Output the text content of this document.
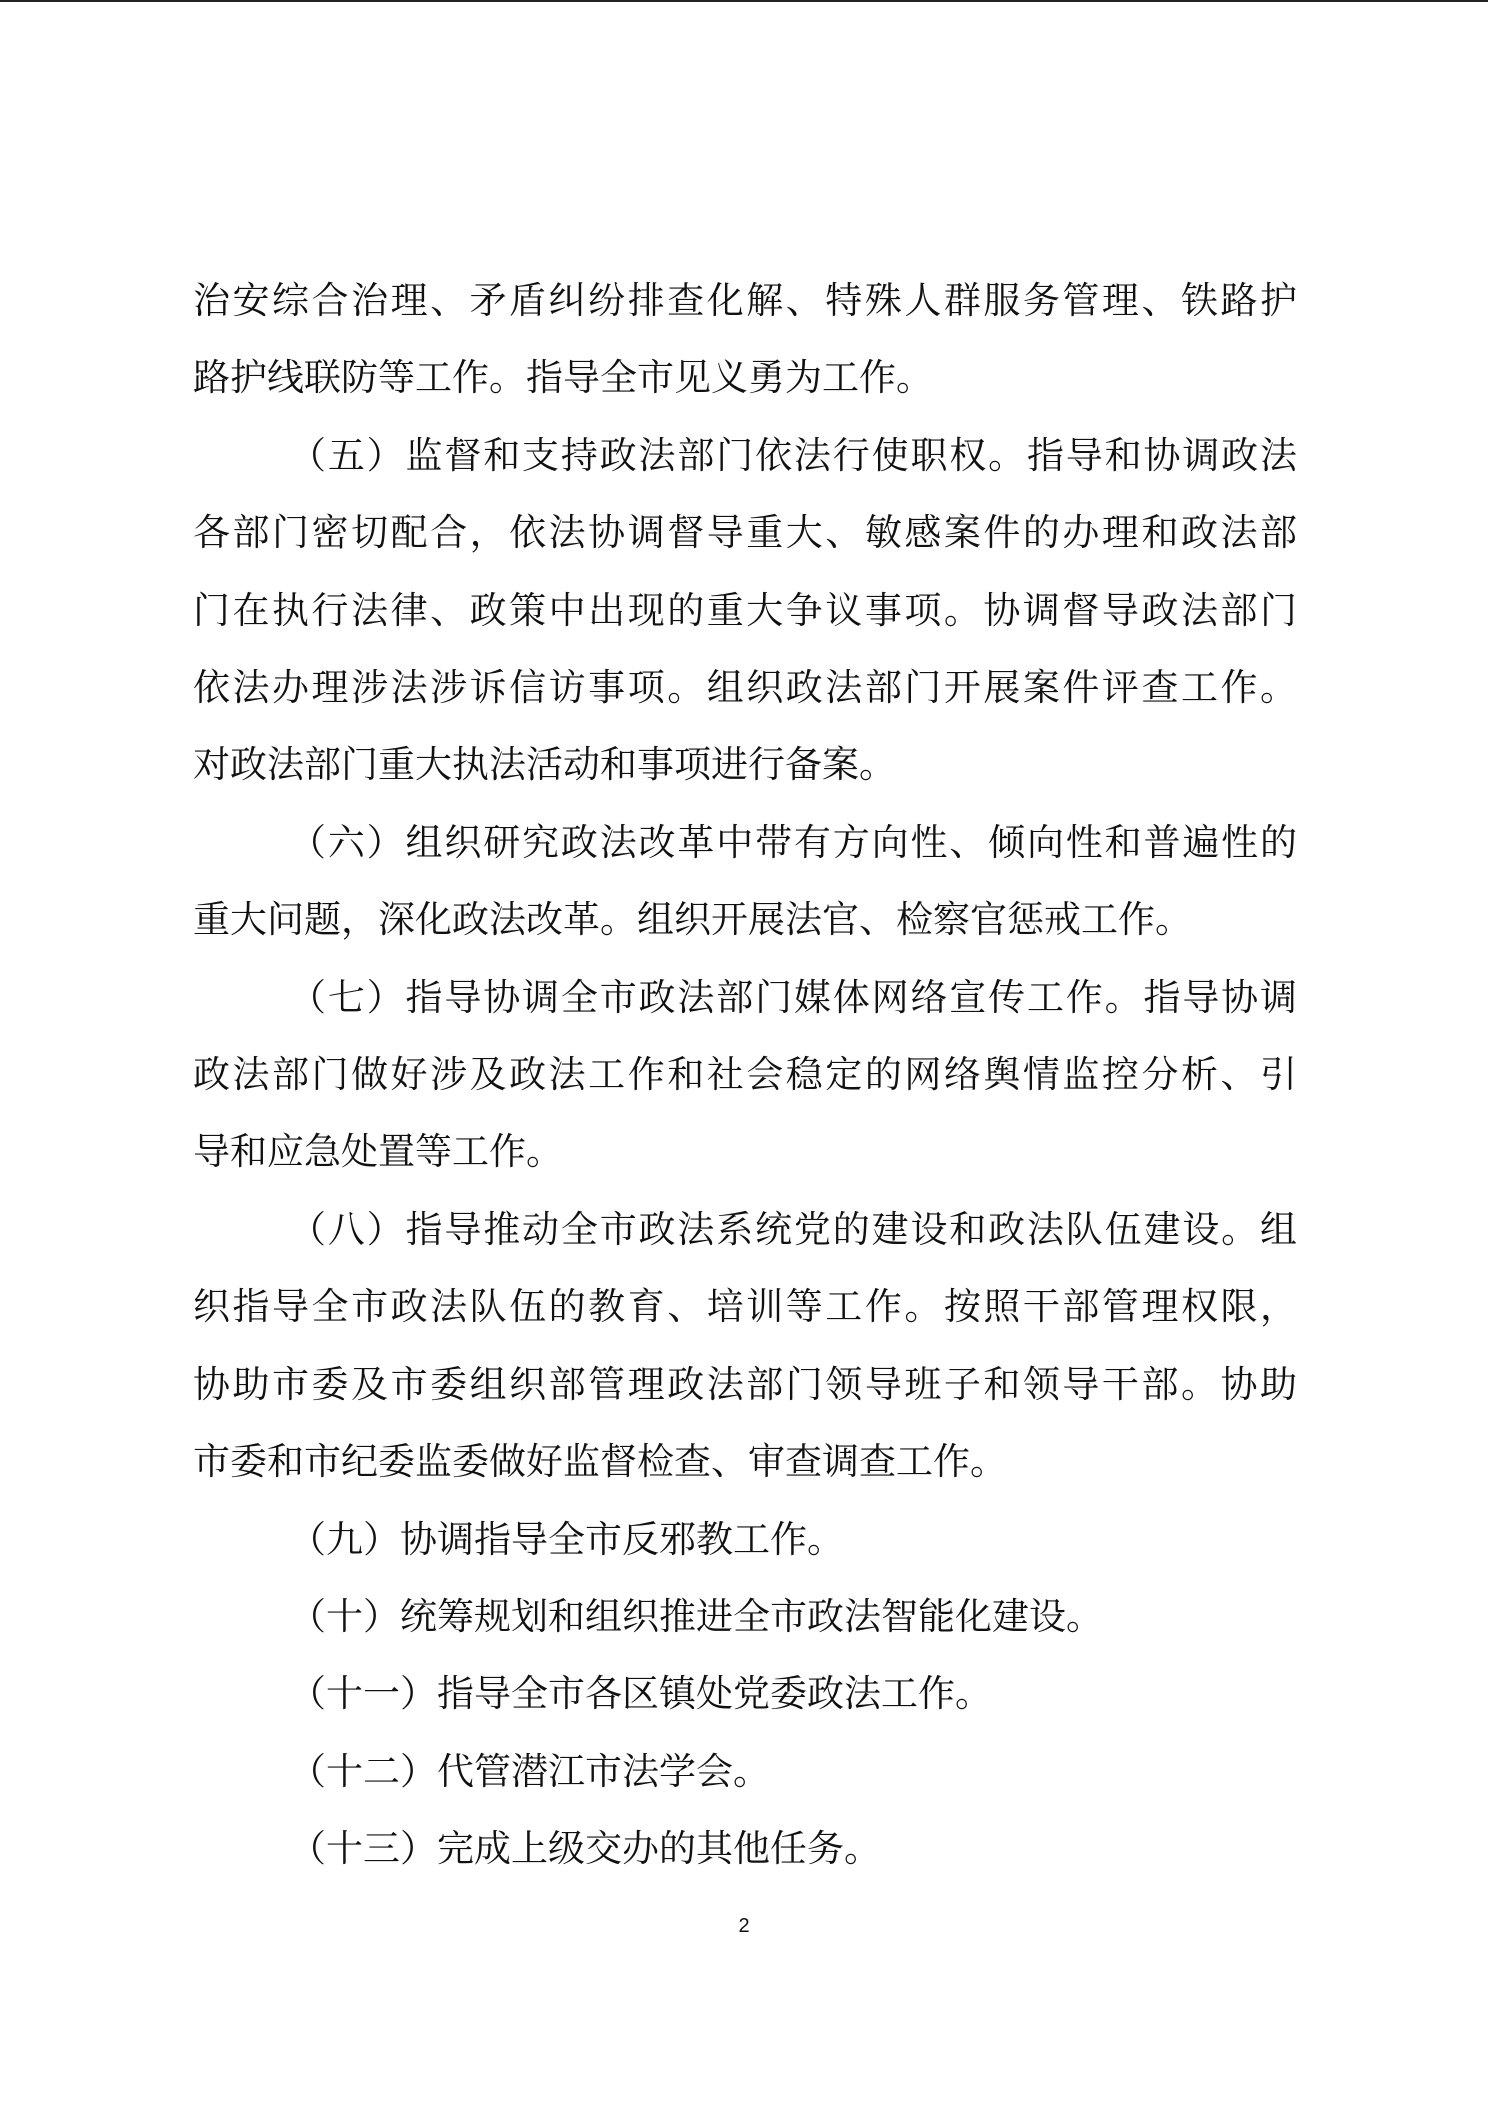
治安综合治理、矛盾纠纷排查化解、特殊人群服务管理、铁路护
路护线联防等工作。指导全市见义勇为工作。
（五）监督和支持政法部门依法行使职权。指导和协调政法
各部门密切配合，依法协调督导重大、敏感案件的办理和政法部
门在执行法律、政策中出现的重大争议事项。协调督导政法部门
依法办理涉法涉诉信访事项。组织政法部门开展案件评查工作。
对政法部门重大执法活动和事项进行备案。
（六）组织研究政法改革中带有方向性、倾向性和普遍性的
重大问题，深化政法改革。组织开展法官、检察官惩戒工作。
（七）指导协调全市政法部门媒体网络宣传工作。指导协调
政法部门做好涉及政法工作和社会稳定的网络舆情监控分析、引
导和应急处置等工作。
（八）指导推动全市政法系统党的建设和政法队伍建设。组
织指导全市政法队伍的教育、培训等工作。按照干部管理权限，
协助市委及市委组织部管理政法部门领导班子和领导干部。协助
市委和市纪委监委做好监督检查、审查调查工作。
（九）协调指导全市反邪教工作。
（十）统筹规划和组织推进全市政法智能化建设。
（十一）指导全市各区镇处党委政法工作。
（十二）代管潜江市法学会。
（十三）完成上级交办的其他任务。
2
